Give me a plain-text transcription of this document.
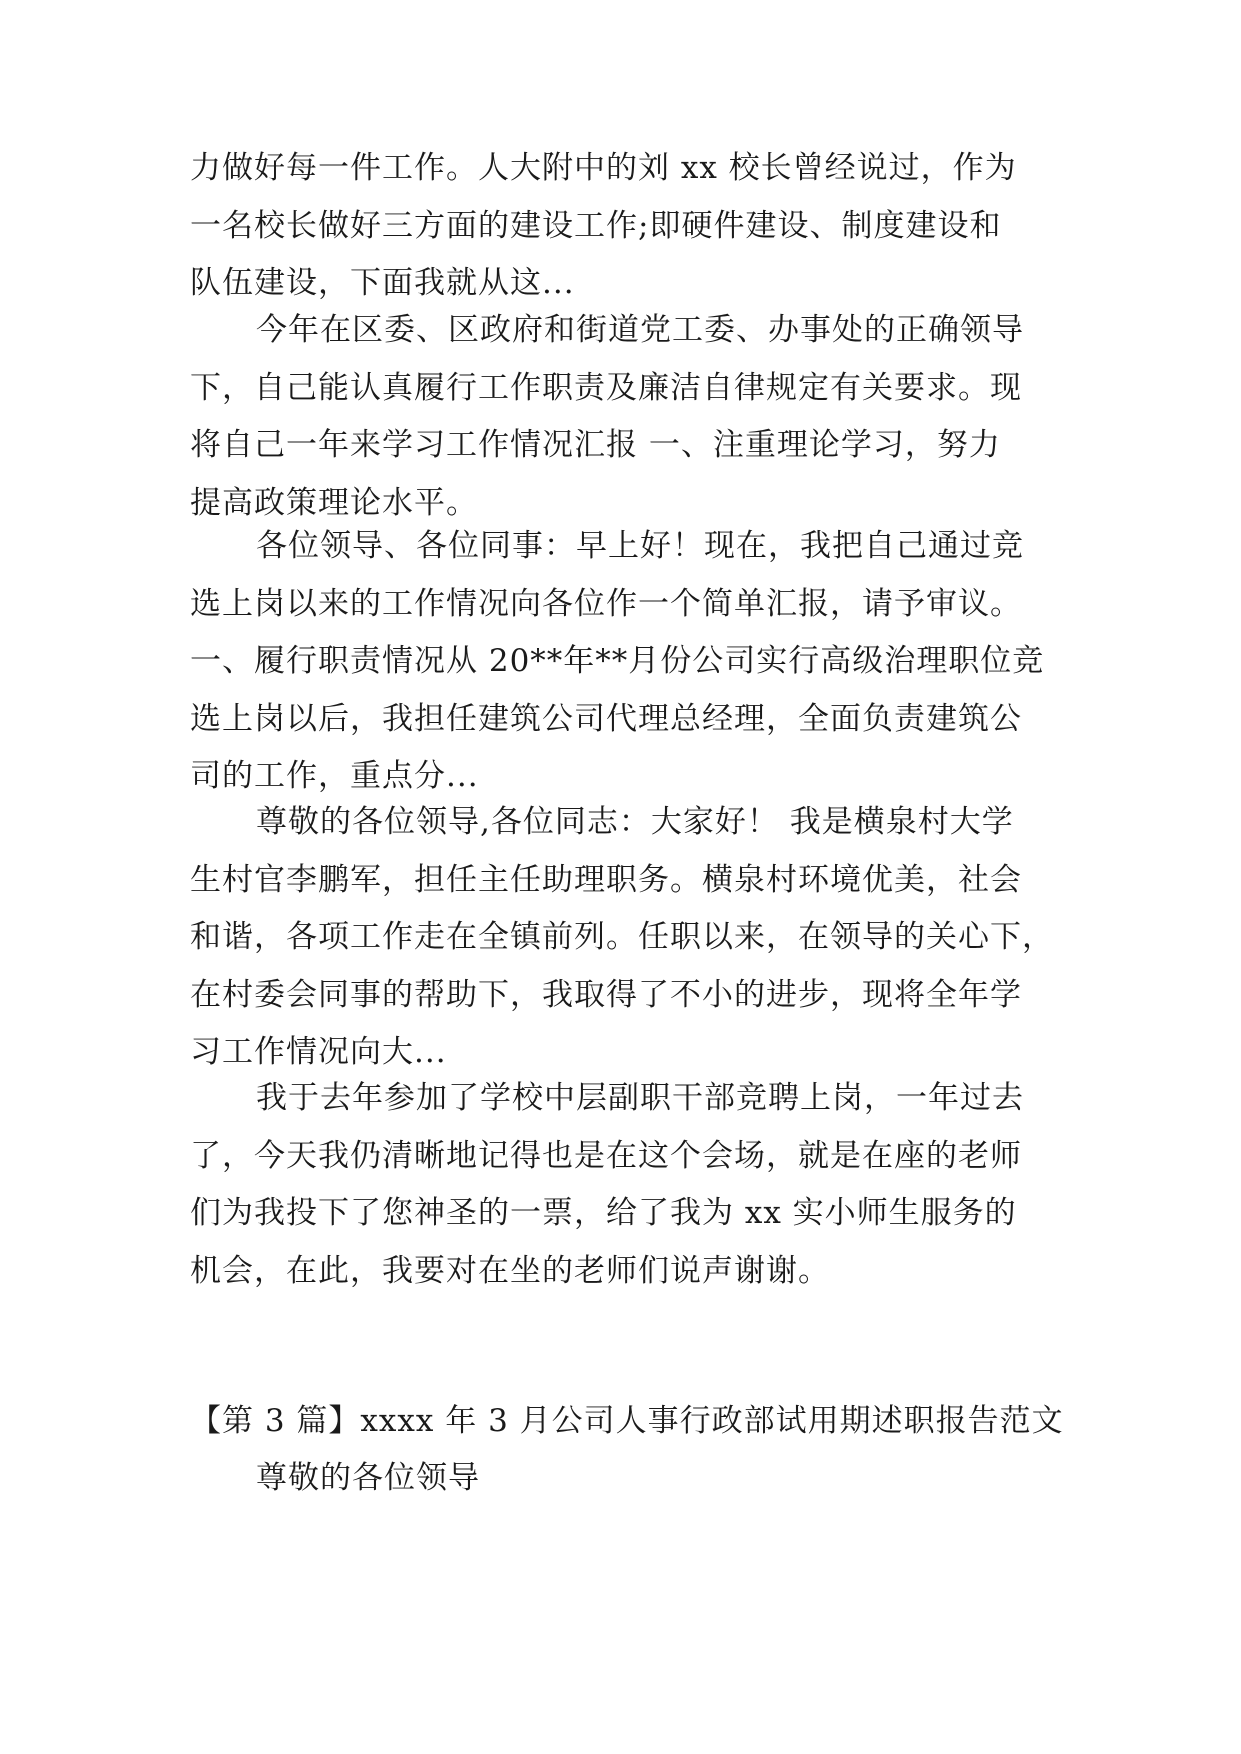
力做好每一件工作。人大附中的刘 xx 校长曾经说过，作为
一名校长做好三方面的建设工作;即硬件建设、制度建设和
队伍建设，下面我就从这...
今年在区委、区政府和街道党工委、办事处的正确领导
下，自己能认真履行工作职责及廉洁自律规定有关要求。现
将自己一年来学习工作情况汇报 一、注重理论学习，努力
提高政策理论水平。
各位领导、各位同事：早上好！现在，我把自己通过竞
选上岗以来的工作情况向各位作一个简单汇报，请予审议。
一、履行职责情况从 20**年**月份公司实行高级治理职位竞
选上岗以后，我担任建筑公司代理总经理，全面负责建筑公
司的工作，重点分...
尊敬的各位领导,各位同志：大家好！ 我是横泉村大学
生村官李鹏军，担任主任助理职务。横泉村环境优美，社会
和谐，各项工作走在全镇前列。任职以来，在领导的关心下，
在村委会同事的帮助下，我取得了不小的进步，现将全年学
习工作情况向大...
我于去年参加了学校中层副职干部竞聘上岗，一年过去
了，今天我仍清晰地记得也是在这个会场，就是在座的老师
们为我投下了您神圣的一票，给了我为 xx 实小师生服务的
机会，在此，我要对在坐的老师们说声谢谢。
【第 3 篇】xxxx 年 3 月公司人事行政部试用期述职报告范文
尊敬的各位领导
